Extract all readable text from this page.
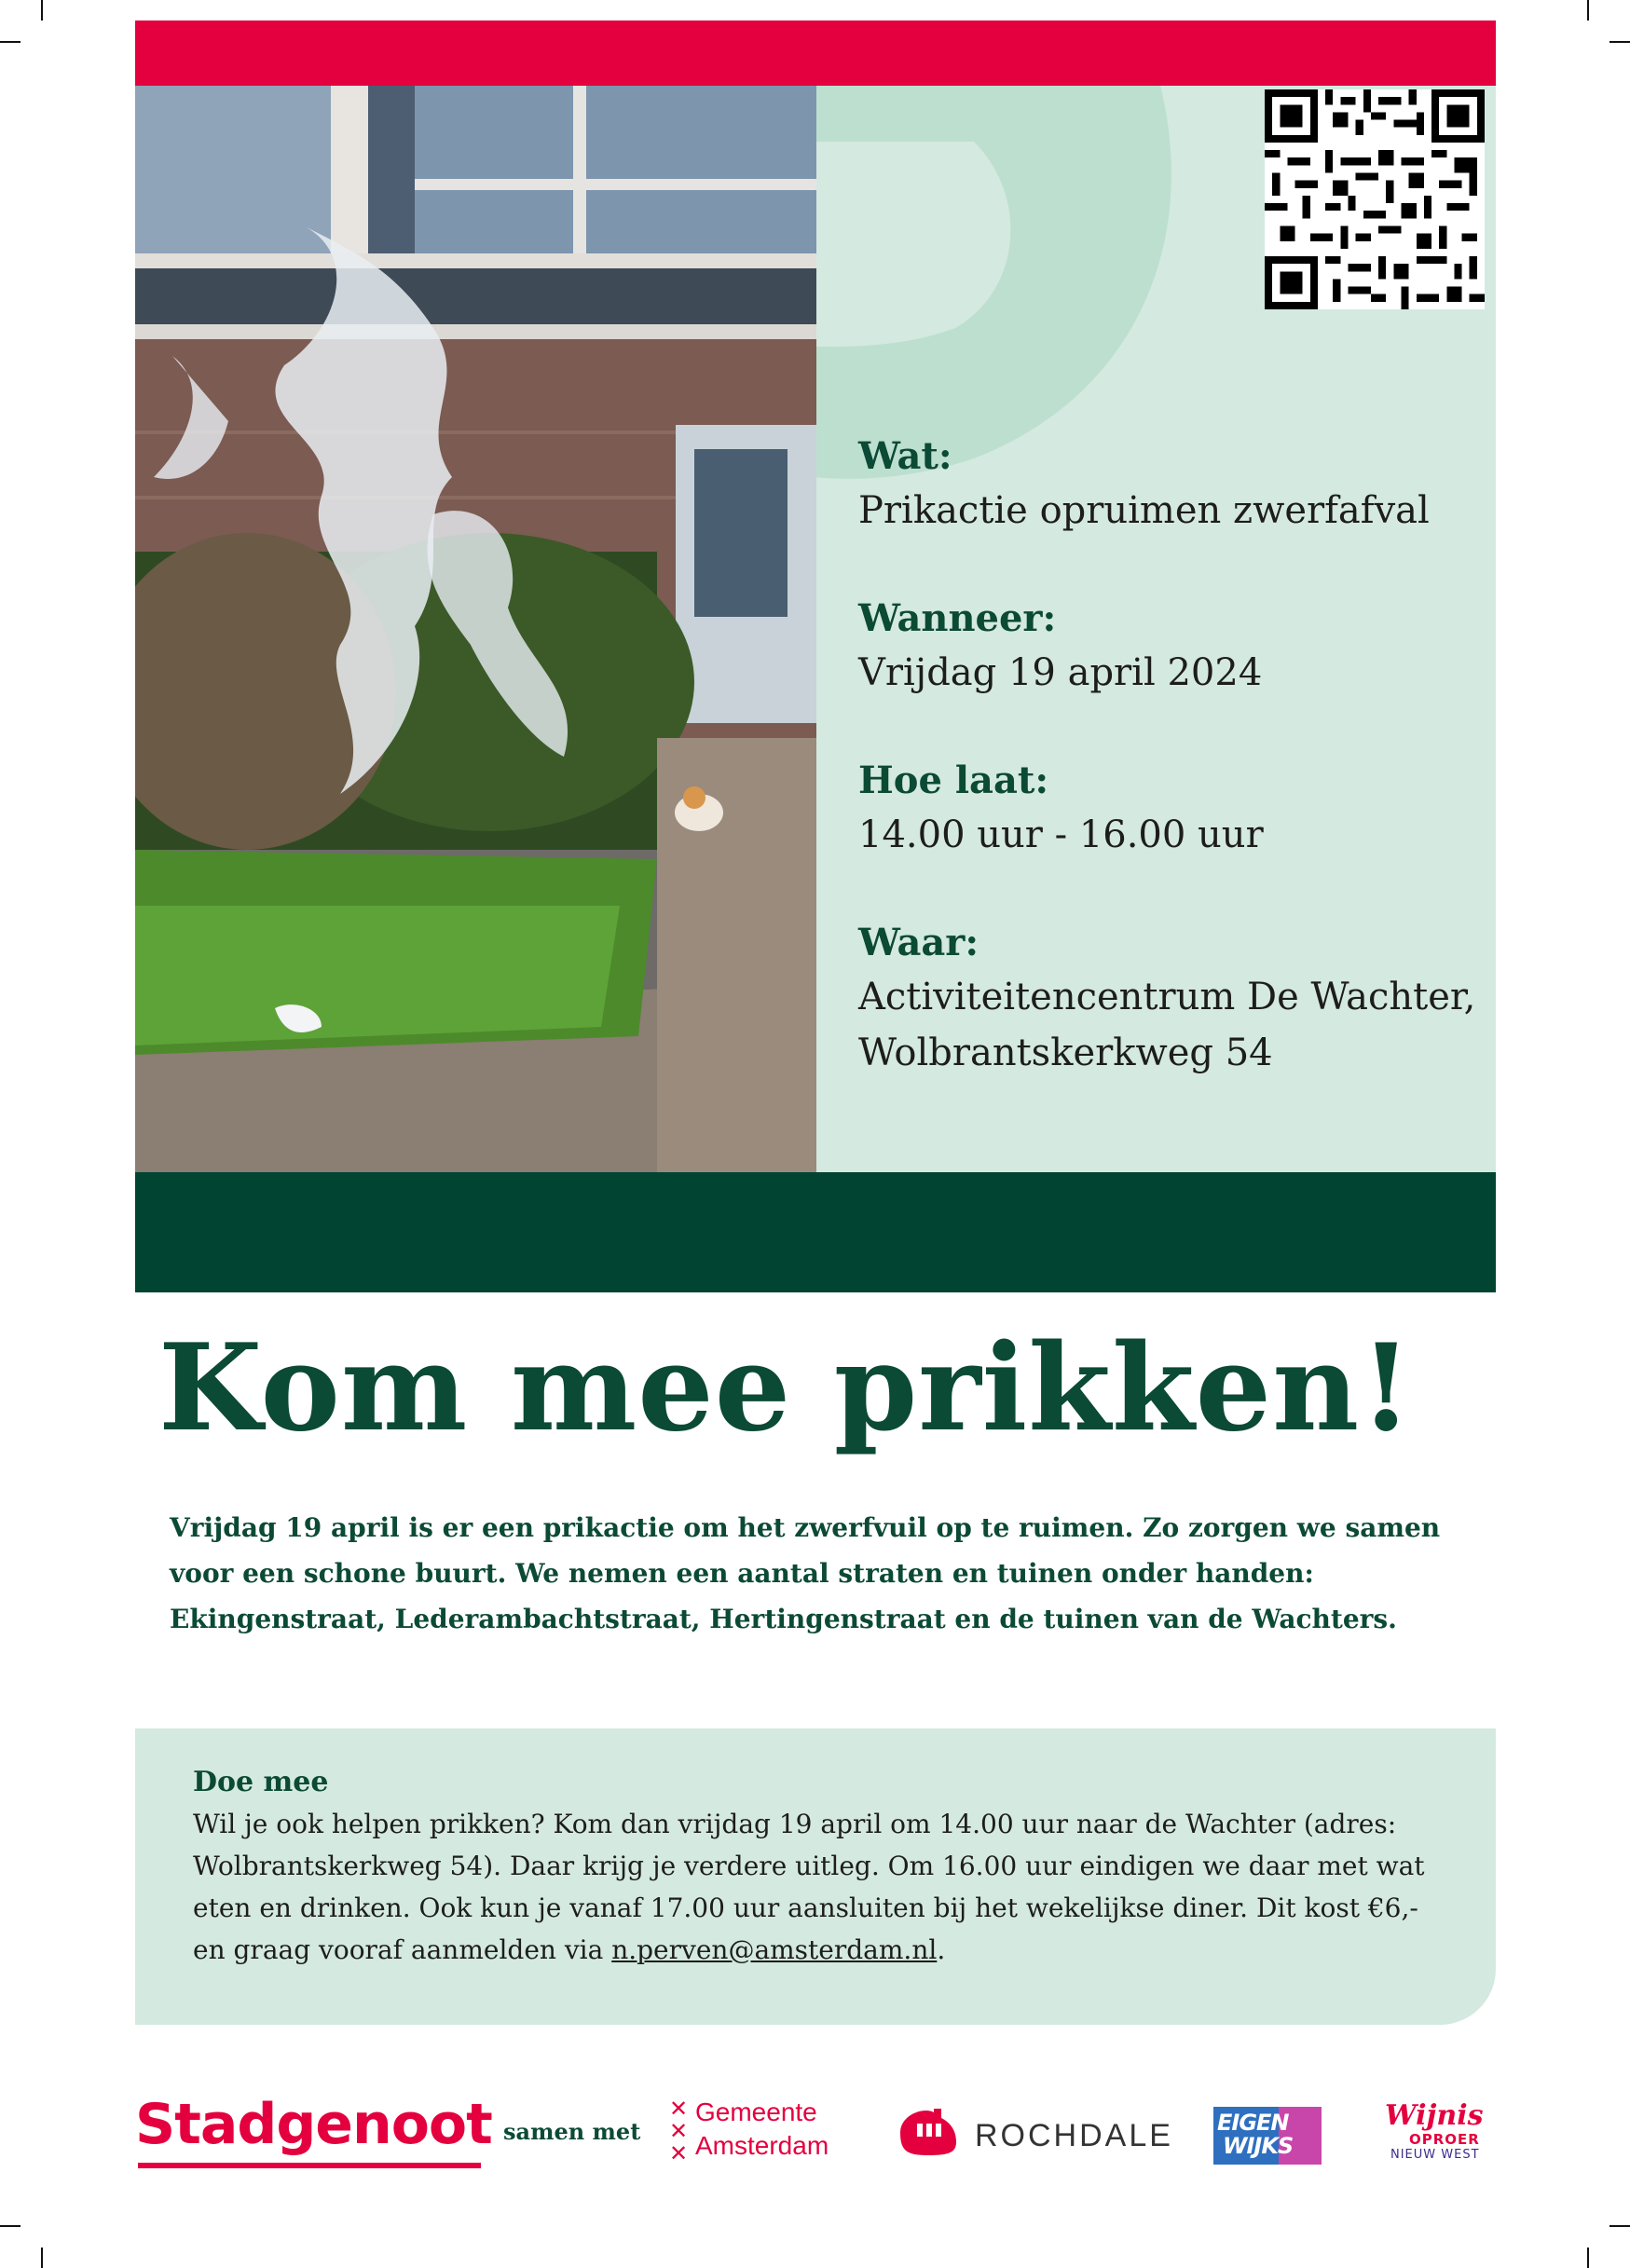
Wat:
Prikactie opruimen zwerfafval
Wanneer:
Vrijdag 19 april 2024
Hoe laat:
14.00 uur - 16.00 uur
Waar:
Activiteitencentrum De Wachter, Wolbrantskerkweg 54
Kom mee prikken!
Vrijdag 19 april is er een prikactie om het zwerfvuil op te ruimen. Zo zorgen we samen voor een schone buurt. We nemen een aantal straten en tuinen onder handen: Ekingenstraat, Lederambachtstraat, Hertingenstraat en de tuinen van de Wachters.
Doe mee
Wil je ook helpen prikken? Kom dan vrijdag 19 april om 14.00 uur naar de Wachter (adres: Wolbrantskerkweg 54). Daar krijg je verdere uitleg. Om 16.00 uur eindigen we daar met wat eten en drinken. Ook kun je vanaf 17.00 uur aansluiten bij het wekelijkse diner. Dit kost €6,- en graag vooraf aanmelden via n.perven@amsterdam.nl.
Stadgenoot samen met
✕
✕
✕
Gemeente
Amsterdam	ROCHDALE EIGEN
WIJKS
Wijnis
OPROER
NIEUW WEST
